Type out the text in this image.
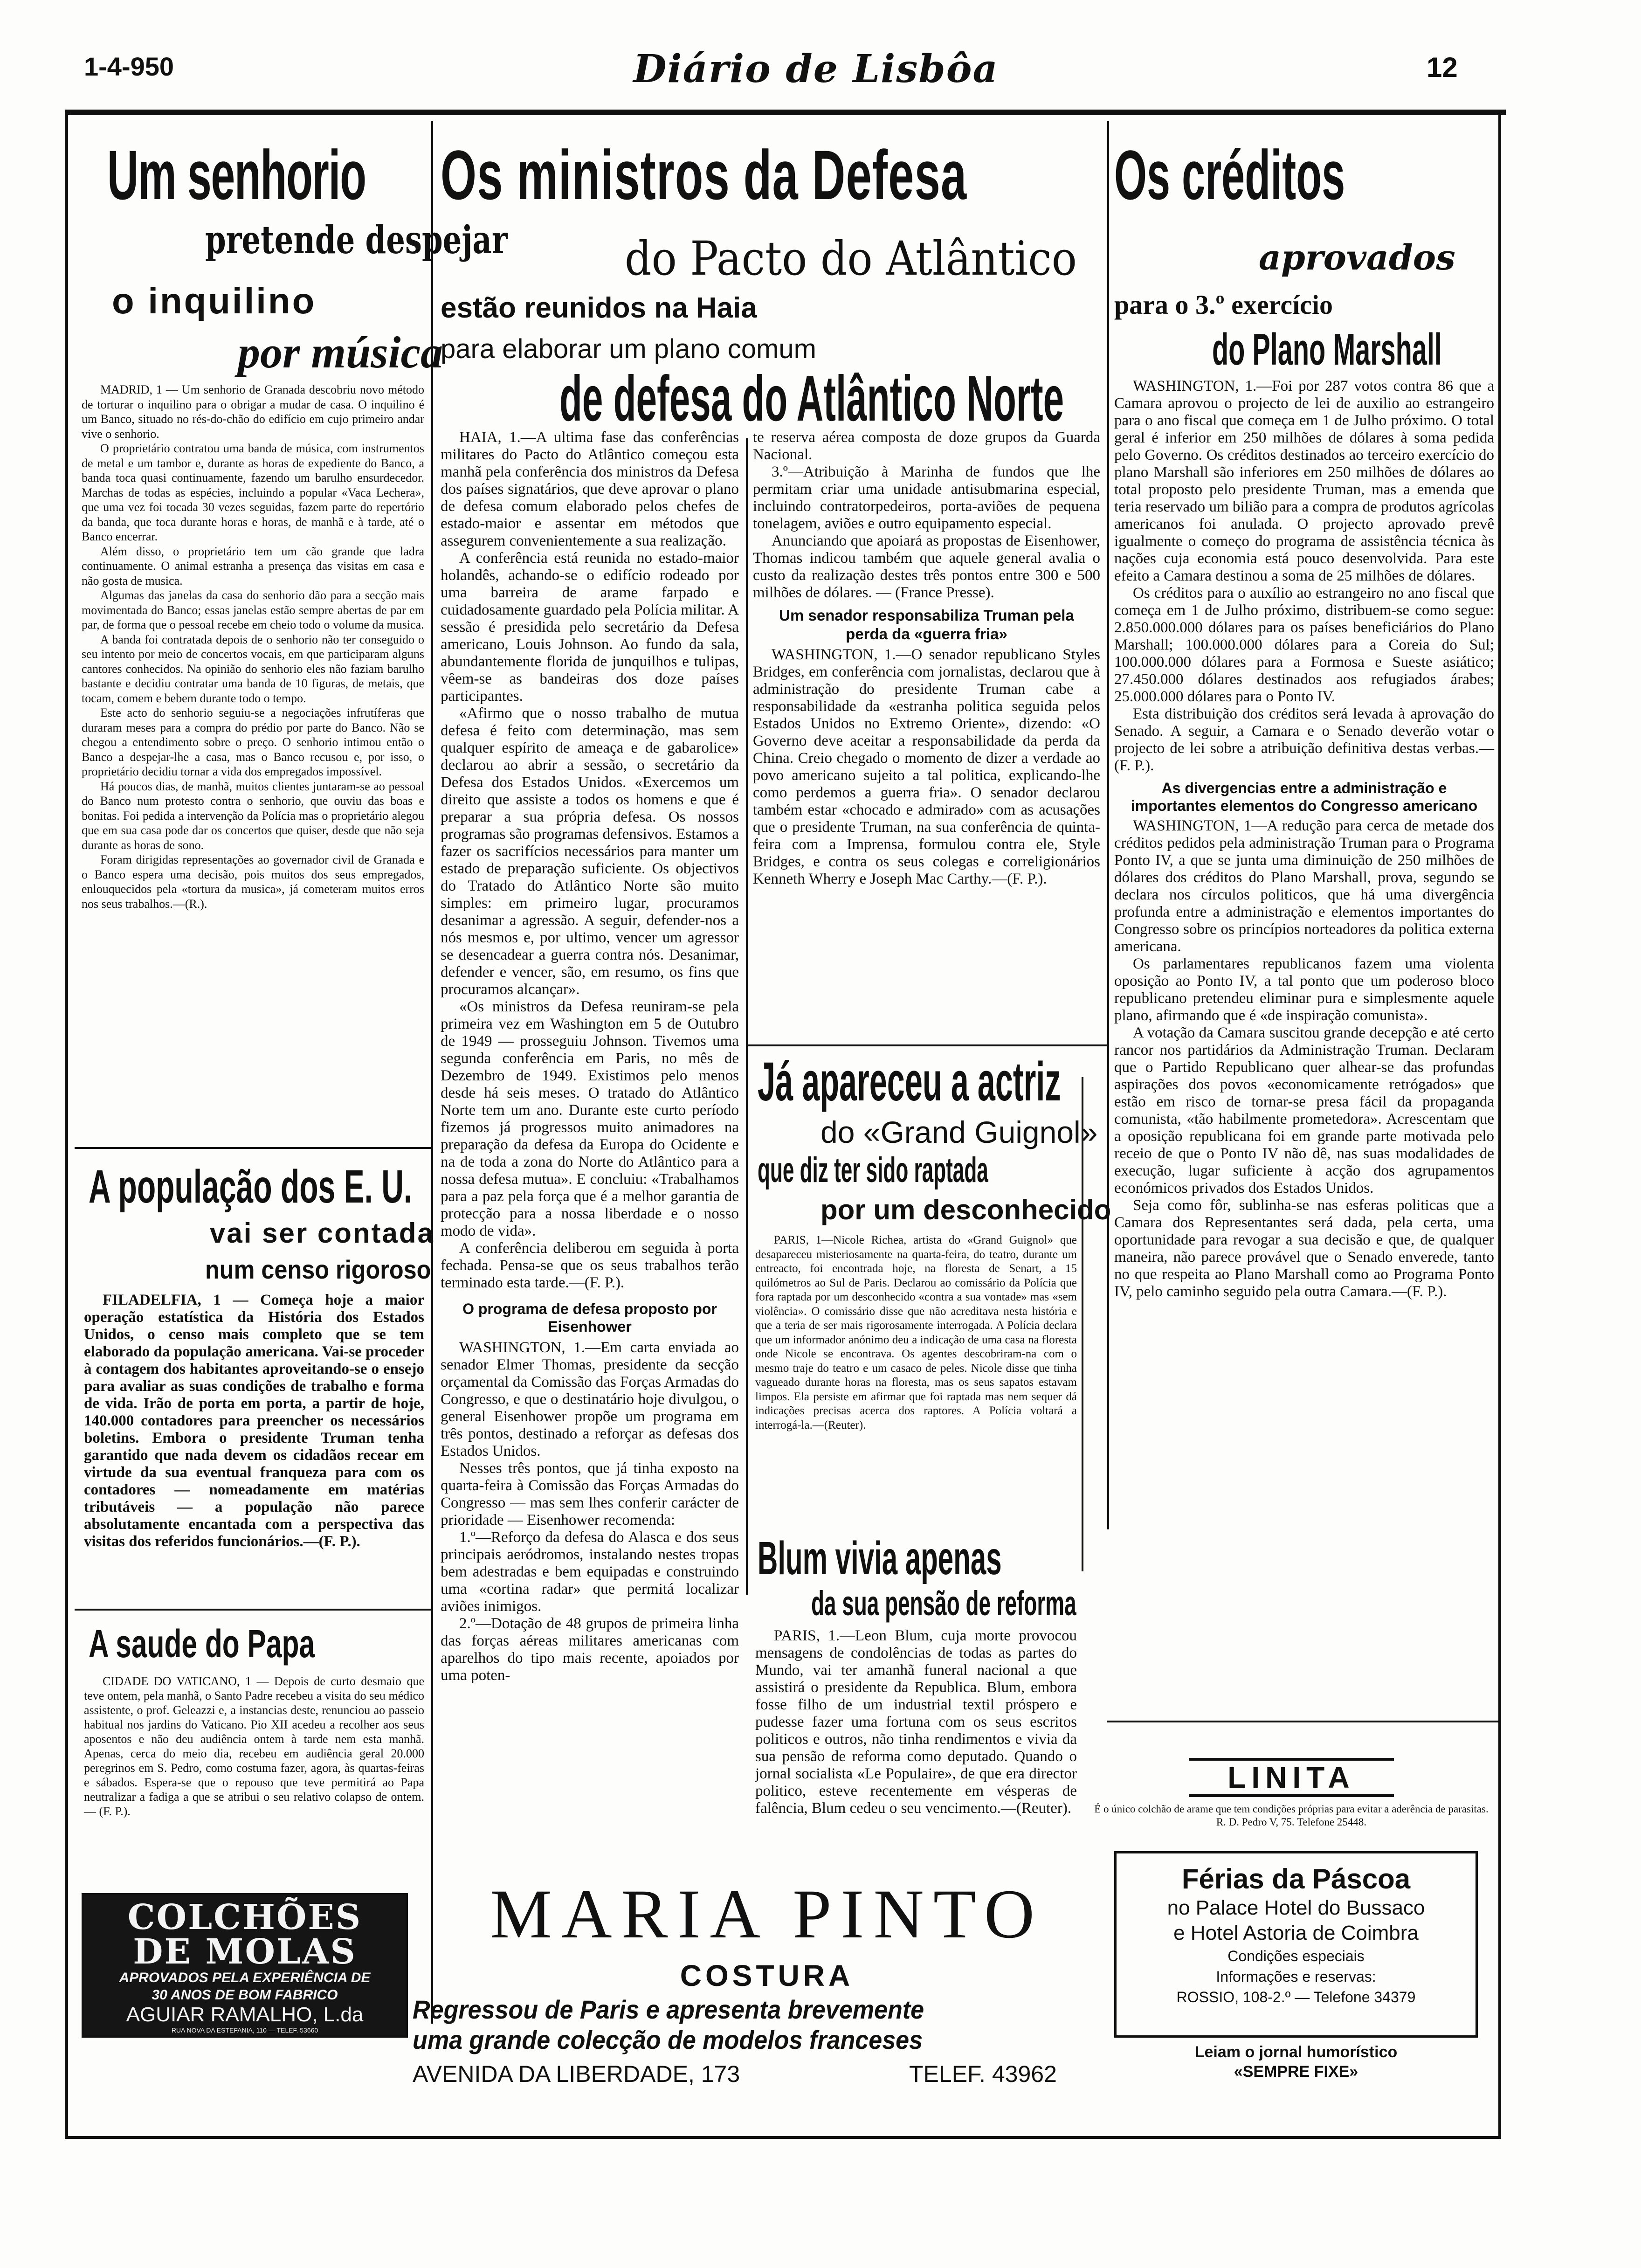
1-4-950	Diário de Lisbôa	12
Um senhorio
pretende despejar
o inquilino
por música

MADRID, 1 — Um senhorio de Granada descobriu novo método de torturar o inquilino para o obrigar a mudar de casa. O inquilino é um Banco, situado no rés-do-chão do edifício em cujo primeiro andar vive o senhorio.

O proprietário contratou uma banda de música, com instrumentos de metal e um tambor e, durante as horas de expediente do Banco, a banda toca quasi continuamente, fazendo um barulho ensurdecedor. Marchas de todas as espécies, incluindo a popular «Vaca Lechera», que uma vez foi tocada 30 vezes seguidas, fazem parte do repertório da banda, que toca durante horas e horas, de manhã e à tarde, até o Banco encerrar.

Além disso, o proprietário tem um cão grande que ladra continuamente. O animal estranha a presença das visitas em casa e não gosta de musica.

Algumas das janelas da casa do senhorio dão para a secção mais movimentada do Banco; essas janelas estão sempre abertas de par em par, de forma que o pessoal recebe em cheio todo o volume da musica.

A banda foi contratada depois de o senhorio não ter conseguido o seu intento por meio de concertos vocais, em que participaram alguns cantores conhecidos. Na opinião do senhorio eles não faziam barulho bastante e decidiu contratar uma banda de 10 figuras, de metais, que tocam, comem e bebem durante todo o tempo.

Este acto do senhorio seguiu-se a negociações infrutíferas que duraram meses para a compra do prédio por parte do Banco. Não se chegou a entendimento sobre o preço. O senhorio intimou então o Banco a despejar-lhe a casa, mas o Banco recusou e, por isso, o proprietário decidiu tornar a vida dos empregados impossível.

Há poucos dias, de manhã, muitos clientes juntaram-se ao pessoal do Banco num protesto contra o senhorio, que ouviu das boas e bonitas. Foi pedida a intervenção da Polícia mas o proprietário alegou que em sua casa pode dar os concertos que quiser, desde que não seja durante as horas de sono.

Foram dirigidas representações ao governador civil de Granada e o Banco espera uma decisão, pois muitos dos seus empregados, enlouquecidos pela «tortura da musica», já cometeram muitos erros nos seus trabalhos.—(R.).

A população dos E. U.
vai ser contada
num censo rigoroso

FILADELFIA, 1 — Começa hoje a maior operação estatística da História dos Estados Unidos, o censo mais completo que se tem elaborado da população americana. Vai-se proceder à contagem dos habitantes aproveitando-se o ensejo para avaliar as suas condições de trabalho e forma de vida. Irão de porta em porta, a partir de hoje, 140.000 contadores para preencher os necessários boletins. Embora o presidente Truman tenha garantido que nada devem os cidadãos recear em virtude da sua eventual franqueza para com os contadores — nomeadamente em matérias tributáveis — a população não parece absolutamente encantada com a perspectiva das visitas dos referidos funcionários.—(F. P.).

A saude do Papa

CIDADE DO VATICANO, 1 — Depois de curto desmaio que teve ontem, pela manhã, o Santo Padre recebeu a visita do seu médico assistente, o prof. Geleazzi e, a instancias deste, renunciou ao passeio habitual nos jardins do Vaticano. Pio XII acedeu a recolher aos seus aposentos e não deu audiência ontem à tarde nem esta manhã. Apenas, cerca do meio dia, recebeu em audiência geral 20.000 peregrinos em S. Pedro, como costuma fazer, agora, às quartas-feiras e sábados. Espera-se que o repouso que teve permitirá ao Papa neutralizar a fadiga a que se atribui o seu relativo colapso de ontem. — (F. P.).

COLCHÕES
DE MOLAS
APROVADOS PELA EXPERIÊNCIA DE
30 ANOS DE BOM FABRICO
AGUIAR RAMALHO, L.da
RUA NOVA DA ESTEFANIA, 110 — TELEF. 53660
Os ministros da Defesa
do Pacto do Atlântico
estão reunidos na Haia
para elaborar um plano comum
de defesa do Atlântico Norte

HAIA, 1.—A ultima fase das conferências militares do Pacto do Atlântico começou esta manhã pela conferência dos ministros da Defesa dos países signatários, que deve aprovar o plano de defesa comum elaborado pelos chefes de estado-maior e assentar em métodos que assegurem convenientemente a sua realização.

A conferência está reunida no estado-maior holandês, achando-se o edifício rodeado por uma barreira de arame farpado e cuidadosamente guardado pela Polícia militar. A sessão é presidida pelo secretário da Defesa americano, Louis Johnson. Ao fundo da sala, abundantemente florida de junquilhos e tulipas, vêem-se as bandeiras dos doze países participantes.

«Afirmo que o nosso trabalho de mutua defesa é feito com determinação, mas sem qualquer espírito de ameaça e de gabarolice» declarou ao abrir a sessão, o secretário da Defesa dos Estados Unidos. «Exercemos um direito que assiste a todos os homens e que é preparar a sua própria defesa. Os nossos programas são programas defensivos. Estamos a fazer os sacrifícios necessários para manter um estado de preparação suficiente. Os objectivos do Tratado do Atlântico Norte são muito simples: em primeiro lugar, procuramos desanimar a agressão. A seguir, defender-nos a nós mesmos e, por ultimo, vencer um agressor se desencadear a guerra contra nós. Desanimar, defender e vencer, são, em resumo, os fins que procuramos alcançar».

«Os ministros da Defesa reuniram-se pela primeira vez em Washington em 5 de Outubro de 1949 — prosseguiu Johnson. Tivemos uma segunda conferência em Paris, no mês de Dezembro de 1949. Existimos pelo menos desde há seis meses. O tratado do Atlântico Norte tem um ano. Durante este curto período fizemos já progressos muito animadores na preparação da defesa da Europa do Ocidente e na de toda a zona do Norte do Atlântico para a nossa defesa mutua». E concluiu: «Trabalhamos para a paz pela força que é a melhor garantia de protecção para a nossa liberdade e o nosso modo de vida».

A conferência deliberou em seguida à porta fechada. Pensa-se que os seus trabalhos terão terminado esta tarde.—(F. P.).

O programa de defesa proposto por Eisenhower

WASHINGTON, 1.—Em carta enviada ao senador Elmer Thomas, presidente da secção orçamental da Comissão das Forças Armadas do Congresso, e que o destinatário hoje divulgou, o general Eisenhower propõe um programa em três pontos, destinado a reforçar as defesas dos Estados Unidos.

Nesses três pontos, que já tinha exposto na quarta-feira à Comissão das Forças Armadas do Congresso — mas sem lhes conferir carácter de prioridade — Eisenhower recomenda:

1.º—Reforço da defesa do Alasca e dos seus principais aeródromos, instalando nestes tropas bem adestradas e bem equipadas e construindo uma «cortina radar» que permitá localizar aviões inimigos.

2.º—Dotação de 48 grupos de primeira linha das forças aéreas militares americanas com aparelhos do tipo mais recente, apoiados por uma poten-

te reserva aérea composta de doze grupos da Guarda Nacional.

3.º—Atribuição à Marinha de fundos que lhe permitam criar uma unidade antisubmarina especial, incluindo contratorpedeiros, porta-aviões de pequena tonelagem, aviões e outro equipamento especial.

Anunciando que apoiará as propostas de Eisenhower, Thomas indicou também que aquele general avalia o custo da realização destes três pontos entre 300 e 500 milhões de dólares. — (France Presse).

Um senador responsabiliza Truman pela perda da «guerra fria»

WASHINGTON, 1.—O senador republicano Styles Bridges, em conferência com jornalistas, declarou que à administração do presidente Truman cabe a responsabilidade da «estranha politica seguida pelos Estados Unidos no Extremo Oriente», dizendo: «O Governo deve aceitar a responsabilidade da perda da China. Creio chegado o momento de dizer a verdade ao povo americano sujeito a tal politica, explicando-lhe como perdemos a guerra fria». O senador declarou também estar «chocado e admirado» com as acusações que o presidente Truman, na sua conferência de quinta-feira com a Imprensa, formulou contra ele, Style Bridges, e contra os seus colegas e correligionários Kenneth Wherry e Joseph Mac Carthy.—(F. P.).

Já apareceu a actriz
do «Grand Guignol»
que diz ter sido raptada
por um desconhecido

PARIS, 1—Nicole Richea, artista do «Grand Guignol» que desapareceu misteriosamente na quarta-feira, do teatro, durante um entreacto, foi encontrada hoje, na floresta de Senart, a 15 quilómetros ao Sul de Paris. Declarou ao comissário da Polícia que fora raptada por um desconhecido «contra a sua vontade» mas «sem violência». O comissário disse que não acreditava nesta história e que a teria de ser mais rigorosamente interrogada. A Polícia declara que um informador anónimo deu a indicação de uma casa na floresta onde Nicole se encontrava. Os agentes descobriram-na com o mesmo traje do teatro e um casaco de peles. Nicole disse que tinha vagueado durante horas na floresta, mas os seus sapatos estavam limpos. Ela persiste em afirmar que foi raptada mas nem sequer dá indicações precisas acerca dos raptores. A Polícia voltará a interrogá-la.—(Reuter).

Blum vivia apenas
da sua pensão de reforma

PARIS, 1.—Leon Blum, cuja morte provocou mensagens de condolências de todas as partes do Mundo, vai ter amanhã funeral nacional a que assistirá o presidente da Republica. Blum, embora fosse filho de um industrial textil próspero e pudesse fazer uma fortuna com os seus escritos politicos e outros, não tinha rendimentos e vivia da sua pensão de reforma como deputado. Quando o jornal socialista «Le Populaire», de que era director politico, esteve recentemente em vésperas de falência, Blum cedeu o seu vencimento.—(Reuter).

Os créditos
aprovados
para o 3.º exercício
do Plano Marshall

WASHINGTON, 1.—Foi por 287 votos contra 86 que a Camara aprovou o projecto de lei de auxilio ao estrangeiro para o ano fiscal que começa em 1 de Julho próximo. O total geral é inferior em 250 milhões de dólares à soma pedida pelo Governo. Os créditos destinados ao terceiro exercício do plano Marshall são inferiores em 250 milhões de dólares ao total proposto pelo presidente Truman, mas a emenda que teria reservado um bilião para a compra de produtos agrícolas americanos foi anulada. O projecto aprovado prevê igualmente o começo do programa de assistência técnica às nações cuja economia está pouco desenvolvida. Para este efeito a Camara destinou a soma de 25 milhões de dólares.

Os créditos para o auxílio ao estrangeiro no ano fiscal que começa em 1 de Julho próximo, distribuem-se como segue: 2.850.000.000 dólares para os países beneficiários do Plano Marshall; 100.000.000 dólares para a Coreia do Sul; 100.000.000 dólares para a Formosa e Sueste asiático; 27.450.000 dólares destinados aos refugiados árabes; 25.000.000 dólares para o Ponto IV.

Esta distribuição dos créditos será levada à aprovação do Senado. A seguir, a Camara e o Senado deverão votar o projecto de lei sobre a atribuição definitiva destas verbas.—(F. P.).

As divergencias entre a administração e importantes elementos do Congresso americano

WASHINGTON, 1—A redução para cerca de metade dos créditos pedidos pela administração Truman para o Programa Ponto IV, a que se junta uma diminuição de 250 milhões de dólares dos créditos do Plano Marshall, prova, segundo se declara nos círculos politicos, que há uma divergência profunda entre a administração e elementos importantes do Congresso sobre os princípios norteadores da politica externa americana.

Os parlamentares republicanos fazem uma violenta oposição ao Ponto IV, a tal ponto que um poderoso bloco republicano pretendeu eliminar pura e simplesmente aquele plano, afirmando que é «de inspiração comunista».

A votação da Camara suscitou grande decepção e até certo rancor nos partidários da Administração Truman. Declaram que o Partido Republicano quer alhear-se das profundas aspirações dos povos «economicamente retrógados» que estão em risco de tornar-se presa fácil da propaganda comunista, «tão habilmente prometedora». Acrescentam que a oposição republicana foi em grande parte motivada pelo receio de que o Ponto IV não dê, nas suas modalidades de execução, lugar suficiente à acção dos agrupamentos económicos privados dos Estados Unidos.

Seja como fôr, sublinha-se nas esferas politicas que a Camara dos Representantes será dada, pela certa, uma oportunidade para revogar a sua decisão e que, de qualquer maneira, não parece provável que o Senado enverede, tanto no que respeita ao Plano Marshall como ao Programa Ponto IV, pelo caminho seguido pela outra Camara.—(F. P.).

LINITA
É o único colchão de arame que tem condições próprias para evitar a aderência de parasitas. R. D. Pedro V, 75. Telefone 25448.
Férias da Páscoa
no Palace Hotel do Bussaco
e Hotel Astoria de Coimbra
Condições especiais
Informações e reservas:
ROSSIO, 108-2.º — Telefone 34379
Leiam o jornal humorístico
«SEMPRE FIXE»
MARIA PINTO
COSTURA
Regressou de Paris e apresenta brevemente
uma grande colecção de modelos franceses
AVENIDA DA LIBERDADE, 173	TELEF. 43962
